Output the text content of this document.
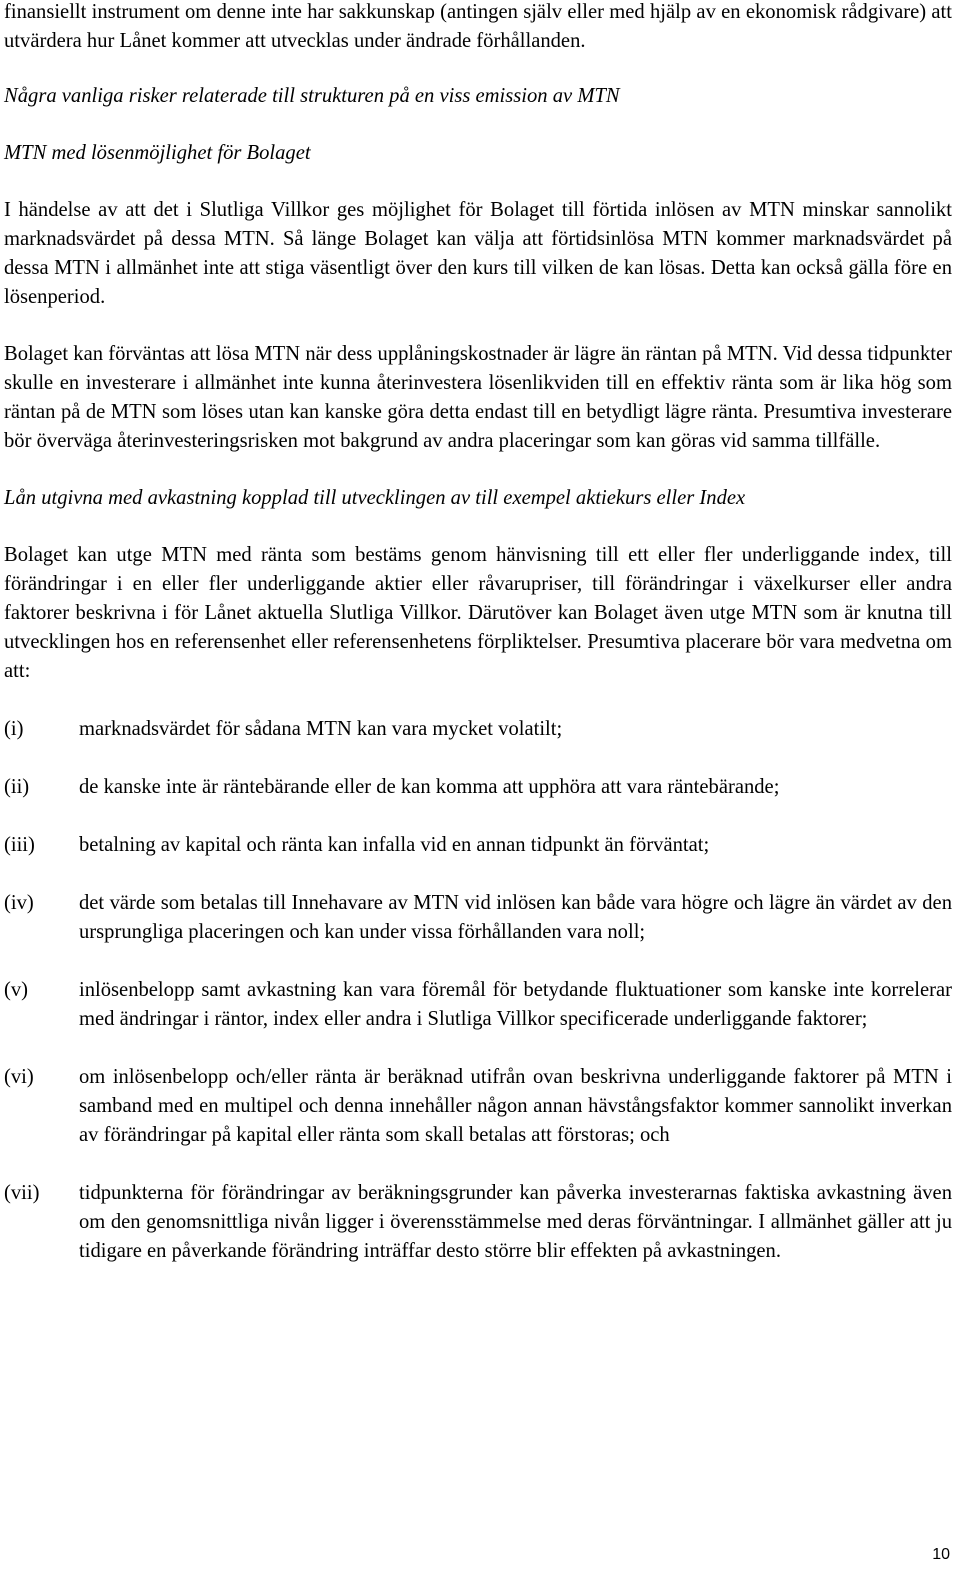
finansiellt instrument om denne inte har sakkunskap (antingen själv eller med hjälp av en ekonomisk rådgivare) att utvärdera hur Lånet kommer att utvecklas under ändrade förhållanden.

Några vanliga risker relaterade till strukturen på en viss emission av MTN

MTN med lösenmöjlighet för Bolaget

I händelse av att det i Slutliga Villkor ges möjlighet för Bolaget till förtida inlösen av MTN minskar sannolikt marknadsvärdet på dessa MTN. Så länge Bolaget kan välja att förtidsinlösa MTN kommer marknadsvärdet på dessa MTN i allmänhet inte att stiga väsentligt över den kurs till vilken de kan lösas. Detta kan också gälla före en lösenperiod.

Bolaget kan förväntas att lösa MTN när dess upplåningskostnader är lägre än räntan på MTN. Vid dessa tidpunkter skulle en investerare i allmänhet inte kunna återinvestera lösenlikviden till en effektiv ränta som är lika hög som räntan på de MTN som löses utan kan kanske göra detta endast till en betydligt lägre ränta. Presumtiva investerare bör överväga återinvesteringsrisken mot bakgrund av andra placeringar som kan göras vid samma tillfälle.

Lån utgivna med avkastning kopplad till utvecklingen av till exempel aktiekurs eller Index

Bolaget kan utge MTN med ränta som bestäms genom hänvisning till ett eller fler underliggande index, till förändringar i en eller fler underliggande aktier eller råvarupriser, till förändringar i växelkurser eller andra faktorer beskrivna i för Lånet aktuella Slutliga Villkor. Därutöver kan Bolaget även utge MTN som är knutna till utvecklingen hos en referensenhet eller referensenhetens förpliktelser. Presumtiva placerare bör vara medvetna om att:

(i)	marknadsvärdet för sådana MTN kan vara mycket volatilt;

(ii)	de kanske inte är räntebärande eller de kan komma att upphöra att vara räntebärande;

(iii)	betalning av kapital och ränta kan infalla vid en annan tidpunkt än förväntat;

(iv)	det värde som betalas till Innehavare av MTN vid inlösen kan både vara högre och lägre än värdet av den ursprungliga placeringen och kan under vissa förhållanden vara noll;

(v)	inlösenbelopp samt avkastning kan vara föremål för betydande fluktuationer som kanske inte korrelerar med ändringar i räntor, index eller andra i Slutliga Villkor specificerade underliggande faktorer;

(vi)	om inlösenbelopp och/eller ränta är beräknad utifrån ovan beskrivna underliggande faktorer på MTN i samband med en multipel och denna innehåller någon annan hävstångsfaktor kommer sannolikt inverkan av förändringar på kapital eller ränta som skall betalas att förstoras; och

(vii)	tidpunkterna för förändringar av beräkningsgrunder kan påverka investerarnas faktiska avkastning även om den genomsnittliga nivån ligger i överensstämmelse med deras förväntningar. I allmänhet gäller att ju tidigare en påverkande förändring inträffar desto större blir effekten på avkastningen.

10
